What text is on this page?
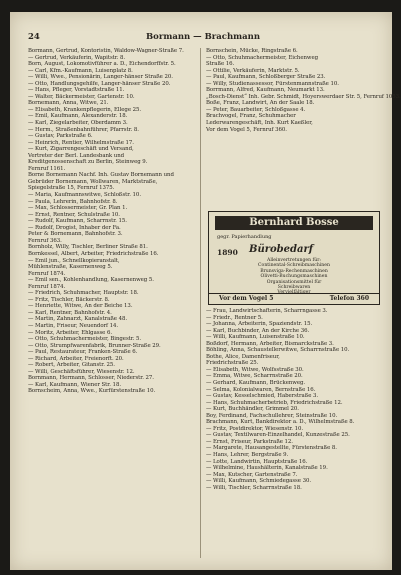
24	Bormann — Brachmann
Bormann, Gertrud, Kontoristin, Waldow-Wagner-Straße 7.
— Gertrud, Verkäuferin, Wapitstr. 8.
Born, August, Lokomotivführer a. D., Eichendorffstr. 5.
— Carl, Kfm.-Kaufmann, Luisenplatz 8.
— Willi, Wwe., Pensionärin, Langer-hänser Straße 20.
— Otto, Handlungsgehilfe, Langer-hänser Straße 20.
— Hans, Pfleger, Vorstadtstraße 11.
— Walter, Bäckermeister, Gartenstr. 10.
Bornemann, Anna, Witwe, 21.
— Elisabeth, Krankenpflegerin, Ellege 25.
— Emil, Kaufmann, Alexanderstr. 18.
— Karl, Ziegelarbeiter, Oberdamm 3.
— Herm., Straßenbahnführer, Pfarrstr. 8.
— Gustav, Parkstraße 6.
— Heinrich, Rentier, Wilhelmstraße 17.
— Kurt, Zigarrengeschäft und Versand,
Vertreter der Berl. Landesbank und
Kreditgenossenschaft zu Berlin, Steinweg 9.
Fernruf 1161.
Borne Bornemann Nachf. Inh. Gustav Bornemann und
Gebrüder Bornemann, Wollwaren, Marktstraße,
Spiegelstraße 15, Fernruf 1375.
— Maria, Kaufmannswitwe, Schloßstr. 10.
— Paula, Lehrerin, Bahnhofstr. 8.
— Max, Schlossermeister, Gr. Plan 1.
— Ernst, Rentner, Schulstraße 10.
— Rudolf, Kaufmann, Scharrnstr. 15.
— Rudolf, Drogist, Inhaber der Fa.
Peter & Bornemann, Bahnhofstr. 3.
Fernruf 363.
Bornholz, Willy, Tischler, Berliner Straße 81.
Bornkessel, Albert, Arbeiter, Friedrichstraße 16.
— Emil jun., Schnellkopieranstalt,
Mühlenstraße, Kasernenweg 5.
Fernruf 1874.
— Emil sen., Kohlenhandlung, Kasernenweg 5.
Fernruf 1874.
— Friedrich, Schuhmacher, Hauptstr. 18.
— Fritz, Tischler, Bäckerstr. 8.
— Henriette, Witwe, An der Beiche 13.
— Karl, Rentner, Bahnhofstr. 4.
— Martin, Zahnarzt, Kanalstraße 48.
— Martin, Friseur, Neuendorf 14.
— Moritz, Arbeiter, Ehlgasse 6.
— Otto, Schuhmachermeister, Bingestr. 5.
— Otto, Strumpfwarenfabrik, Brunner-Straße 29.
— Paul, Restaurateur, Franken-Straße 6.
— Richard, Arbeiter, Freienorft. 20.
— Robert, Arbeiter, Gitanstr. 25.
— Willi, Geschäftsführer, Wiesenstr. 12.
Bornmann, Hermann, Schlosser, Niederstr. 27.
— Karl, Kaufmann, Wiener Str. 18.
Bornscheim, Anna, Wwe., Kurfürstenstraße 10.
Bornschein, Mücke, Ringstraße 6.
— Otto, Schuhmachermeister, Eichenweg
Straße 16.
— Ottilie, Verkäuferin, Marktstr. 5.
— Paul, Kaufmann, Schloßberger Straße 23.
— Willy, Studienassessor, Fürstenmannstraße 10.
Borrmann, Alfred, Kaufmann, Neumarkt 13.
„Bosch-Dienst“ Inh. Gebr. Schmidt, Hoyerswerdaer Str. 5, Fernruf 1053.
Boße, Franz, Landwirt, An der Saale 18.
— Peter, Bauarbeiter, Schloßgasse 4.
Brachvogel, Franz, Schuhmacher
Lederwarengeschäft, Inh. Kurt Kaeßler,
Vor dem Vogel 5, Fernruf 360.
Bernhard Bosse
gegr. Papierhandlung
1890 Bürobedarf
Alleinvertretungen für:
Continental-Schreibmaschinen
Brunsviga-Rechenmaschinen
Olivetti-Buchungsmaschinen
Organisationsmittel für
Schreibwaren
Vervielfältiger
Vor dem Vogel 5	Telefon 360
— Frau, Landwirtschafterin, Scharrngasse 3.
— Friedr., Rentner 5.
— Johanna, Arbeiterin, Spaziendstr. 15.
— Karl, Buchbinder, An der Kirche 36.
— Willi, Kaufmann, Luisenstraße 10.
Boßdorf, Hermann, Arbeiter, Bismarckstraße 3.
Böhling, Anna, Schaustellerwitwe, Scharrnstraße 10.
Bothe, Alice, Damenfriseur,
Friedrichstraße 25.
— Elisabeth, Witwe, Wolfsstraße 30.
— Emma, Witwe, Scharrnstraße 20.
— Gerhard, Kaufmann, Brückenweg.
— Selma, Kolonialwaren, Bernstraße 16.
— Gustav, Kesselschmied, Haberstraße 3.
— Hans, Schuhmacherbetrieb, Friedrichstraße 12.
— Kurt, Buchhändler, Grimmel 20.
Boy, Ferdinand, Fachschullehrer, Steinstraße 10.
Brachmann, Kurt, Bankdirektor a. D., Wilhelmstraße 8.
— Fritz, Postdirektor, Wiesenstr. 10.
— Gustav, Textilwaren-Einzelhandel, Kunzestraße 25.
— Ernst, Friseur, Parkstraße 12.
— Margarete, Hausangestellte, Fürstenstraße 8.
— Hans, Lehrer, Bergstraße 9.
— Lotte, Landwirtin, Hauptstraße 16.
— Wilhelmine, Haushälterin, Kanalstraße 19.
— Max, Kutscher, Gartenstraße 7.
— Willi, Kaufmann, Schmiedegasse 30.
— Willi, Tischler, Scharrnstraße 18.
